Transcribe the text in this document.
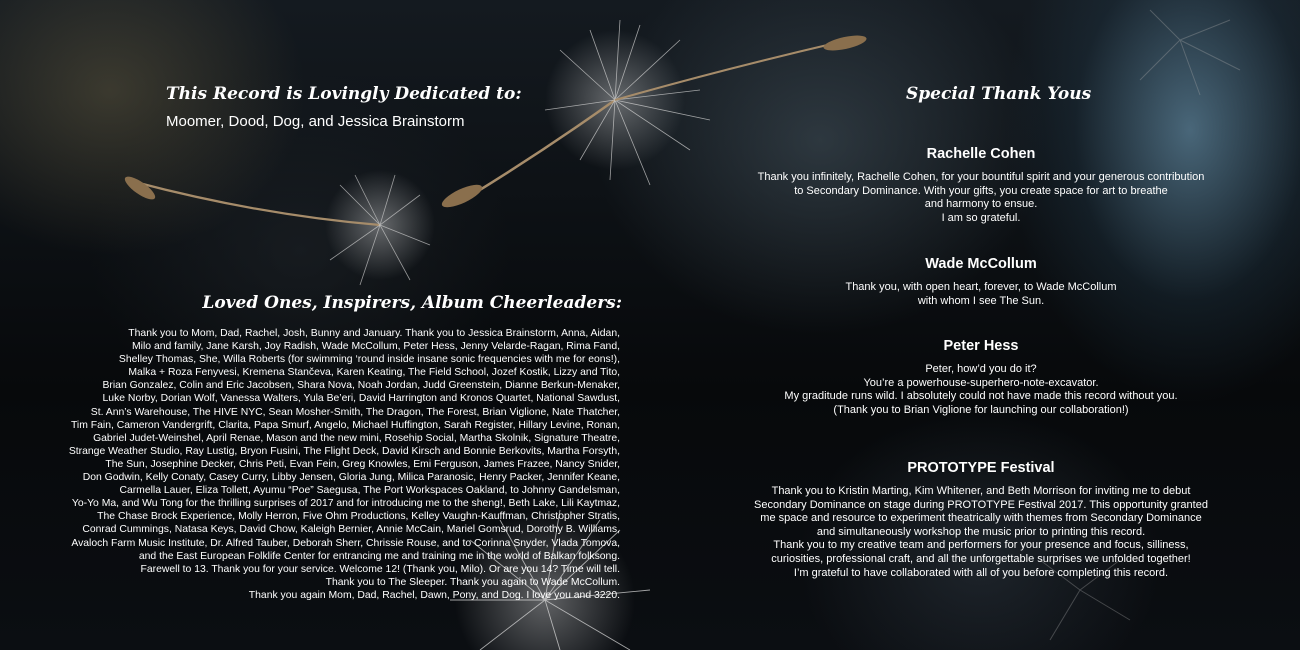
This Record is Lovingly Dedicated to:
Moomer, Dood, Dog, and Jessica Brainstorm
Loved Ones, Inspirers, Album Cheerleaders:
Thank you to Mom, Dad, Rachel, Josh, Bunny and January. Thank you to Jessica Brainstorm, Anna, Aidan,
Milo and family, Jane Karsh, Joy Radish, Wade McCollum, Peter Hess, Jenny Velarde-Ragan, Rima Fand,
Shelley Thomas, She, Willa Roberts (for swimming ‘round inside insane sonic frequencies with me for eons!),
Malka + Roza Fenyvesi, Kremena Stančeva, Karen Keating, The Field School, Jozef Kostik, Lizzy and Tito,
Brian Gonzalez, Colin and Eric Jacobsen, Shara Nova, Noah Jordan, Judd Greenstein, Dianne Berkun-Menaker,
Luke Norby, Dorian Wolf, Vanessa Walters, Yula Be’eri, David Harrington and Kronos Quartet, National Sawdust,
St. Ann’s Warehouse, The HIVE NYC, Sean Mosher-Smith, The Dragon, The Forest, Brian Viglione, Nate Thatcher,
Tim Fain, Cameron Vandergrift, Clarita, Papa Smurf, Angelo, Michael Huffington, Sarah Register, Hillary Levine, Ronan,
Gabriel Judet-Weinshel, April Renae, Mason and the new mini, Rosehip Social, Martha Skolnik, Signature Theatre,
Strange Weather Studio, Ray Lustig, Bryon Fusini, The Flight Deck, David Kirsch and Bonnie Berkovits, Martha Forsyth,
The Sun, Josephine Decker, Chris Peti, Evan Fein, Greg Knowles, Emi Ferguson, James Frazee, Nancy Snider,
Don Godwin, Kelly Conaty, Casey Curry, Libby Jensen, Gloria Jung, Milica Paranosic, Henry Packer, Jennifer Keane,
Carmella Lauer, Eliza Tollett, Ayumu “Poe” Saegusa, The Port Workspaces Oakland, to Johnny Gandelsman,
Yo-Yo Ma, and Wu Tong for the thrilling surprises of 2017 and for introducing me to the sheng!, Beth Lake, Lili Kaytmaz,
The Chase Brock Experience, Molly Herron, Five Ohm Productions, Kelley Vaughn-Kauffman, Christopher Stratis,
Conrad Cummings, Natasa Keys, David Chow, Kaleigh Bernier, Annie McCain, Mariel Gomsrud, Dorothy B. Williams,
Avaloch Farm Music Institute, Dr. Alfred Tauber, Deborah Sherr, Chrissie Rouse, and to Corinna Snyder, Vlada Tomova,
and the East European Folklife Center for entrancing me and training me in the world of Balkan folksong.
Farewell to 13. Thank you for your service. Welcome 12! (Thank you, Milo). Or are you 14? Time will tell.
Thank you to The Sleeper. Thank you again to Wade McCollum.
Thank you again Mom, Dad, Rachel, Dawn, Pony, and Dog. I love you and 3220.
Special Thank Yous
Rachelle Cohen
Thank you infinitely, Rachelle Cohen, for your bountiful spirit and your generous contribution
to Secondary Dominance. With your gifts, you create space for art to breathe
and harmony to ensue.
I am so grateful.
Wade McCollum
Thank you, with open heart, forever, to Wade McCollum
with whom I see The Sun.
Peter Hess
Peter, how’d you do it?
You’re a powerhouse-superhero-note-excavator.
My graditude runs wild. I absolutely could not have made this record without you.
(Thank you to Brian Viglione for launching our collaboration!)
PROTOTYPE Festival
Thank you to Kristin Marting, Kim Whitener, and Beth Morrison for inviting me to debut
Secondary Dominance on stage during PROTOTYPE Festival 2017. This opportunity granted
me space and resource to experiment theatrically with themes from Secondary Dominance
and simultaneously workshop the music prior to printing this record.
Thank you to my creative team and performers for your presence and focus, silliness,
curiosities, professional craft, and all the unforgettable surprises we unfolded together!
I’m grateful to have collaborated with all of you before completing this record.
